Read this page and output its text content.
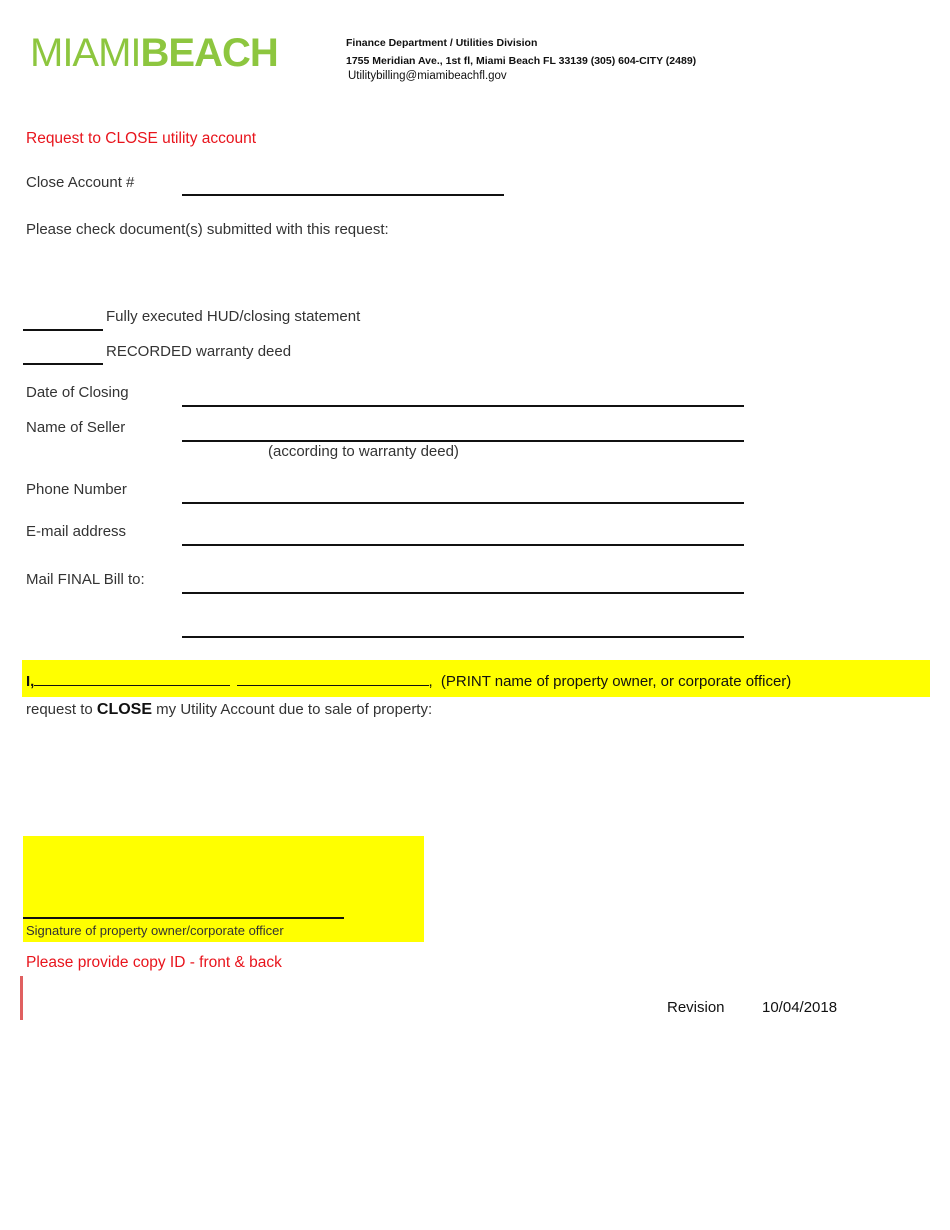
MIAMIBEACH	Finance Department / Utilities Division
1755 Meridian Ave., 1st fl, Miami Beach FL 33139 (305) 604-CITY (2489)
Utilitybilling@miamibeachfl.gov
Request to CLOSE utility account
Close Account #
Please check document(s) submitted with this request:
Fully executed HUD/closing statement
RECORDED warranty deed
Date of Closing
Name of Seller
(according to warranty deed)
Phone Number
E-mail address
Mail FINAL Bill to:
I,	, (PRINT name of property owner, or corporate officer)
request to CLOSE my Utility Account due to sale of property:
Signature of property owner/corporate officer
Please provide copy ID - front & back
Revision 10/04/2018
